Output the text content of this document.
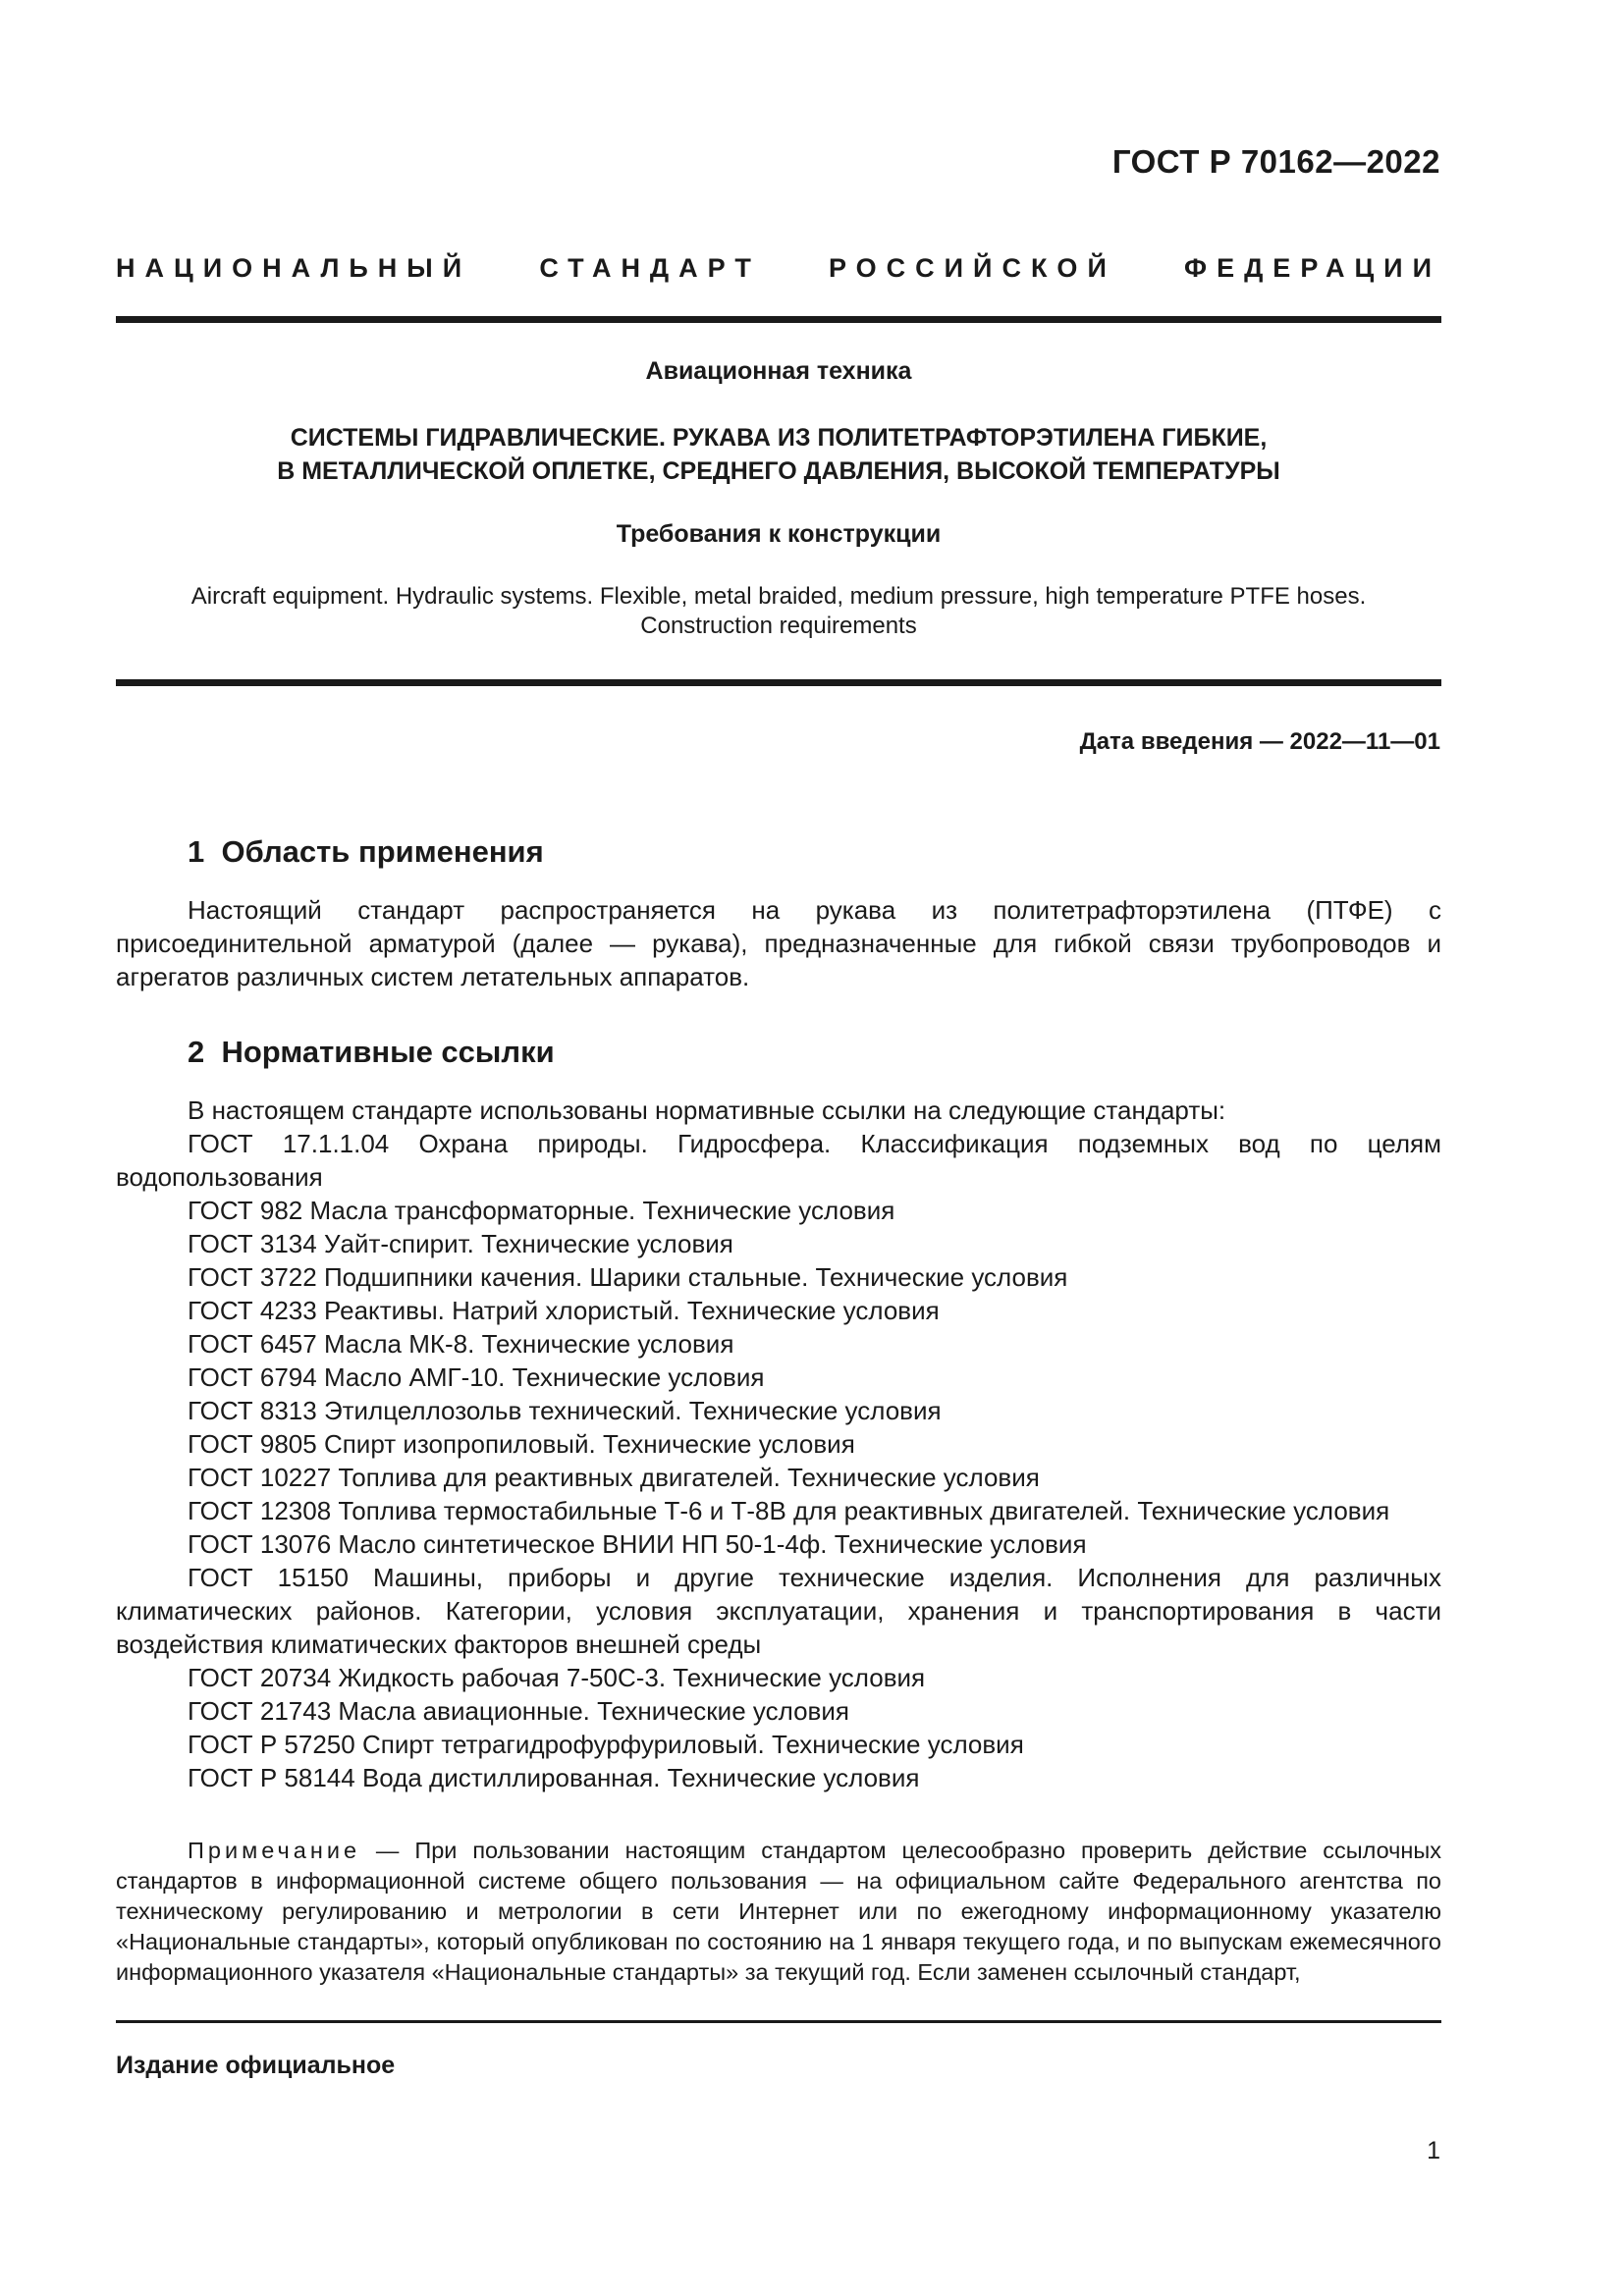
ГОСТ Р 70162—2022
НАЦИОНАЛЬНЫЙ СТАНДАРТ РОССИЙСКОЙ ФЕДЕРАЦИИ
Авиационная техника
СИСТЕМЫ ГИДРАВЛИЧЕСКИЕ. РУКАВА ИЗ ПОЛИТЕТРАФТОРЭТИЛЕНА ГИБКИЕ,
В МЕТАЛЛИЧЕСКОЙ ОПЛЕТКЕ, СРЕДНЕГО ДАВЛЕНИЯ, ВЫСОКОЙ ТЕМПЕРАТУРЫ
Требования к конструкции
Aircraft equipment. Hydraulic systems. Flexible, metal braided, medium pressure, high temperature PTFE hoses.
Construction requirements
Дата введения — 2022—11—01
1  Область применения

Настоящий стандарт распространяется на рукава из политетрафторэтилена (ПТФЕ) с присоединительной арматурой (далее — рукава), предназначенные для гибкой связи трубопроводов и агрегатов различных систем летательных аппаратов.

2  Нормативные ссылки

В настоящем стандарте использованы нормативные ссылки на следующие стандарты:

ГОСТ 17.1.1.04 Охрана природы. Гидросфера. Классификация подземных вод по целям водопользования

ГОСТ 982 Масла трансформаторные. Технические условия

ГОСТ 3134 Уайт-спирит. Технические условия

ГОСТ 3722 Подшипники качения. Шарики стальные. Технические условия

ГОСТ 4233 Реактивы. Натрий хлористый. Технические условия

ГОСТ 6457 Масла МК-8. Технические условия

ГОСТ 6794 Масло АМГ-10. Технические условия

ГОСТ 8313 Этилцеллозольв технический. Технические условия

ГОСТ 9805 Спирт изопропиловый. Технические условия

ГОСТ 10227 Топлива для реактивных двигателей. Технические условия

ГОСТ 12308 Топлива термостабильные Т-6 и Т-8В для реактивных двигателей. Технические условия

ГОСТ 13076 Масло синтетическое ВНИИ НП 50-1-4ф. Технические условия

ГОСТ 15150 Машины, приборы и другие технические изделия. Исполнения для различных климатических районов. Категории, условия эксплуатации, хранения и транспортирования в части воздействия климатических факторов внешней среды

ГОСТ 20734 Жидкость рабочая 7-50С-3. Технические условия

ГОСТ 21743 Масла авиационные. Технические условия

ГОСТ Р 57250 Спирт тетрагидрофурфуриловый. Технические условия

ГОСТ Р 58144 Вода дистиллированная. Технические условия

Примечание — При пользовании настоящим стандартом целесообразно проверить действие ссылочных стандартов в информационной системе общего пользования — на официальном сайте Федерального агентства по техническому регулированию и метрологии в сети Интернет или по ежегодному информационному указателю «Национальные стандарты», который опубликован по состоянию на 1 января текущего года, и по выпускам ежемесячного информационного указателя «Национальные стандарты» за текущий год. Если заменен ссылочный стандарт,

Издание официальное
1
